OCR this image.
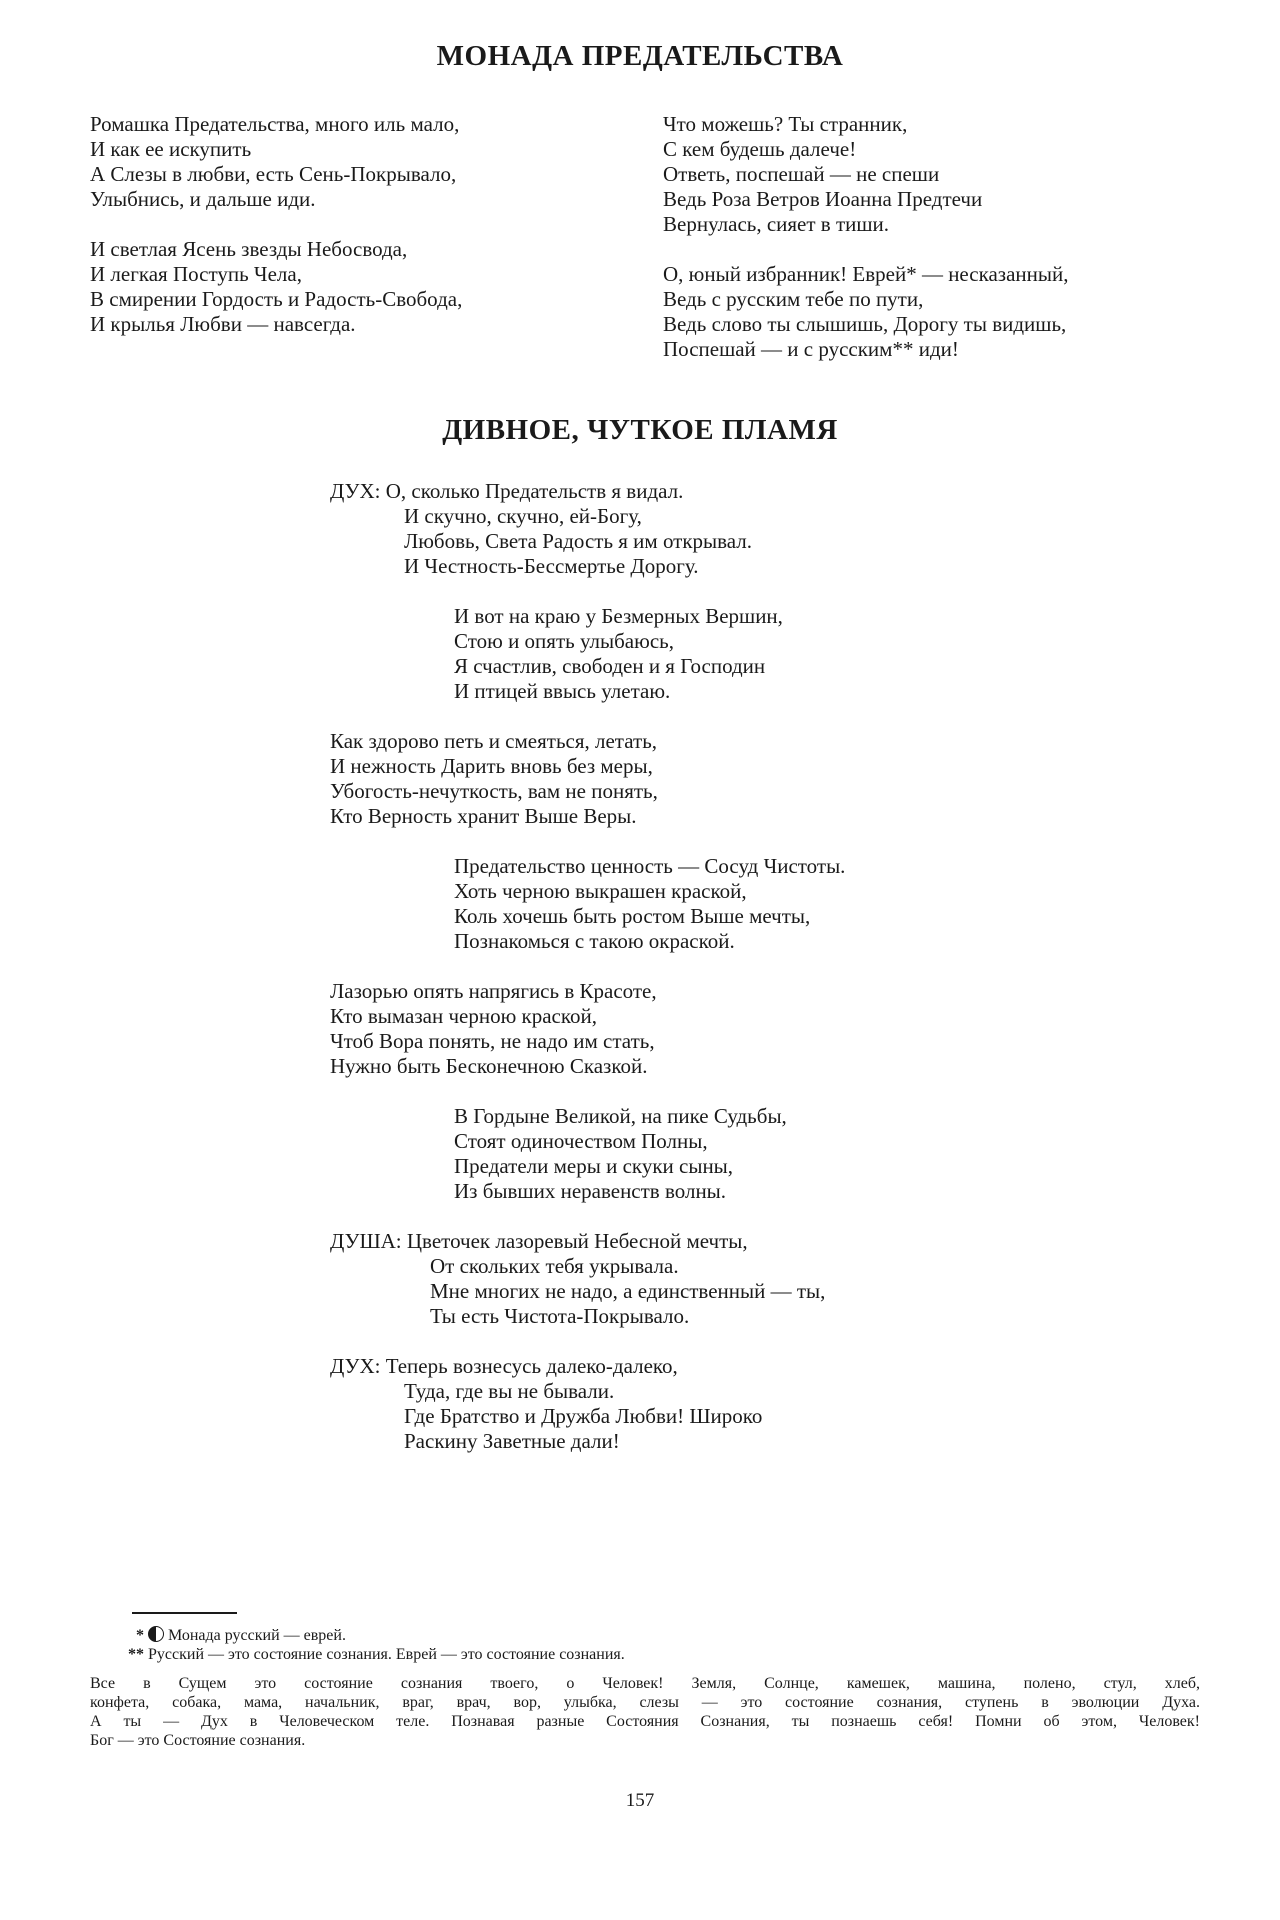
МОНАДА ПРЕДАТЕЛЬСТВА
Ромашка Предательства, много иль мало,
И как ее искупить
А Слезы в любви, есть Сень-Покрывало,
Улыбнись, и дальше иди.
И светлая Ясень звезды Небосвода,
И легкая Поступь Чела,
В смирении Гордость и Радость-Свобода,
И крылья Любви — навсегда.
Что можешь? Ты странник,
С кем будешь далече!
Ответь, поспешай — не спеши
Ведь Роза Ветров Иоанна Предтечи
Вернулась, сияет в тиши.
О, юный избранник! Еврей* — несказанный,
Ведь с русским тебе по пути,
Ведь слово ты слышишь, Дорогу ты видишь,
Поспешай — и с русским** иди!
ДИВНОЕ, ЧУТКОЕ ПЛАМЯ
ДУХ: О, сколько Предательств я видал.
И скучно, скучно, ей-Богу,
Любовь, Света Радость я им открывал.
И Честность-Бессмертье Дорогу.
И вот на краю у Безмерных Вершин,
Стою и опять улыбаюсь,
Я счастлив, свободен и я Господин
И птицей ввысь улетаю.
Как здорово петь и смеяться, летать,
И нежность Дарить вновь без меры,
Убогость-нечуткость, вам не понять,
Кто Верность хранит Выше Веры.
Предательство ценность — Сосуд Чистоты.
Хоть черною выкрашен краской,
Коль хочешь быть ростом Выше мечты,
Познакомься с такою окраской.
Лазорью опять напрягись в Красоте,
Кто вымазан черною краской,
Чтоб Вора понять, не надо им стать,
Нужно быть Бесконечною Сказкой.
В Гордыне Великой, на пике Судьбы,
Стоят одиночеством Полны,
Предатели меры и скуки сыны,
Из бывших неравенств волны.
ДУША: Цветочек лазоревый Небесной мечты,
От скольких тебя укрывала.
Мне многих не надо, а единственный — ты,
Ты есть Чистота-Покрывало.
ДУХ: Теперь вознесусь далеко-далеко,
Туда, где вы не бывали.
Где Братство и Дружба Любви! Широко
Раскину Заветные дали!
* Монада русский — еврей.
** Русский — это состояние сознания. Еврей — это состояние сознания.
Все в Сущем это состояние сознания твоего, о Человек! Земля, Солнце, камешек, машина, полено, стул, хлеб,
конфета, собака, мама, начальник, враг, врач, вор, улыбка, слезы — это состояние сознания, ступень в эволюции Духа.
А ты — Дух в Человеческом теле. Познавая разные Состояния Сознания, ты познаешь себя! Помни об этом, Человек!
Бог — это Состояние сознания.
157
